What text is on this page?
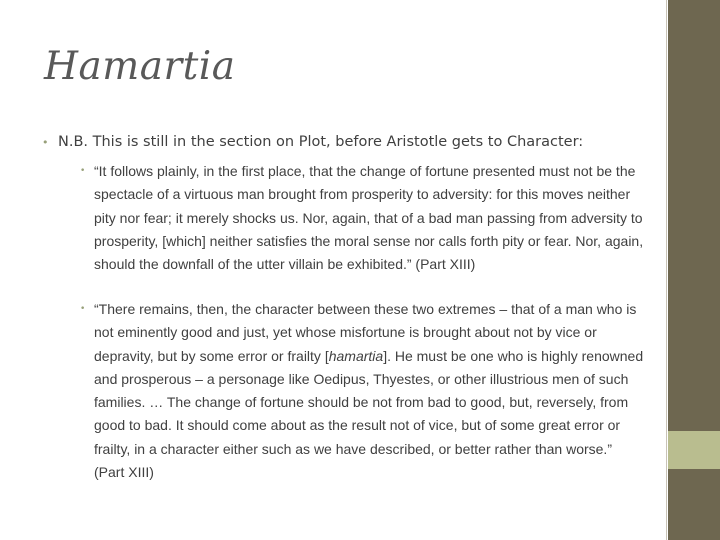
Hamartia
• N.B. This is still in the section on Plot, before Aristotle gets to Character:
• “It follows plainly, in the first place, that the change of fortune presented must not be the spectacle of a virtuous man brought from prosperity to adversity: for this moves neither pity nor fear; it merely shocks us. Nor, again, that of a bad man passing from adversity to prosperity, [which] neither satisfies the moral sense nor calls forth pity or fear. Nor, again, should the downfall of the utter villain be exhibited.” (Part XIII)

• “There remains, then, the character between these two extremes – that of a man who is not eminently good and just, yet whose misfortune is brought about not by vice or depravity, but by some error or frailty [hamartia]. He must be one who is highly renowned and prosperous – a personage like Oedipus, Thyestes, or other illustrious men of such families. … The change of fortune should be not from bad to good, but, reversely, from good to bad. It should come about as the result not of vice, but of some great error or frailty, in a character either such as we have described, or better rather than worse.” (Part XIII)
